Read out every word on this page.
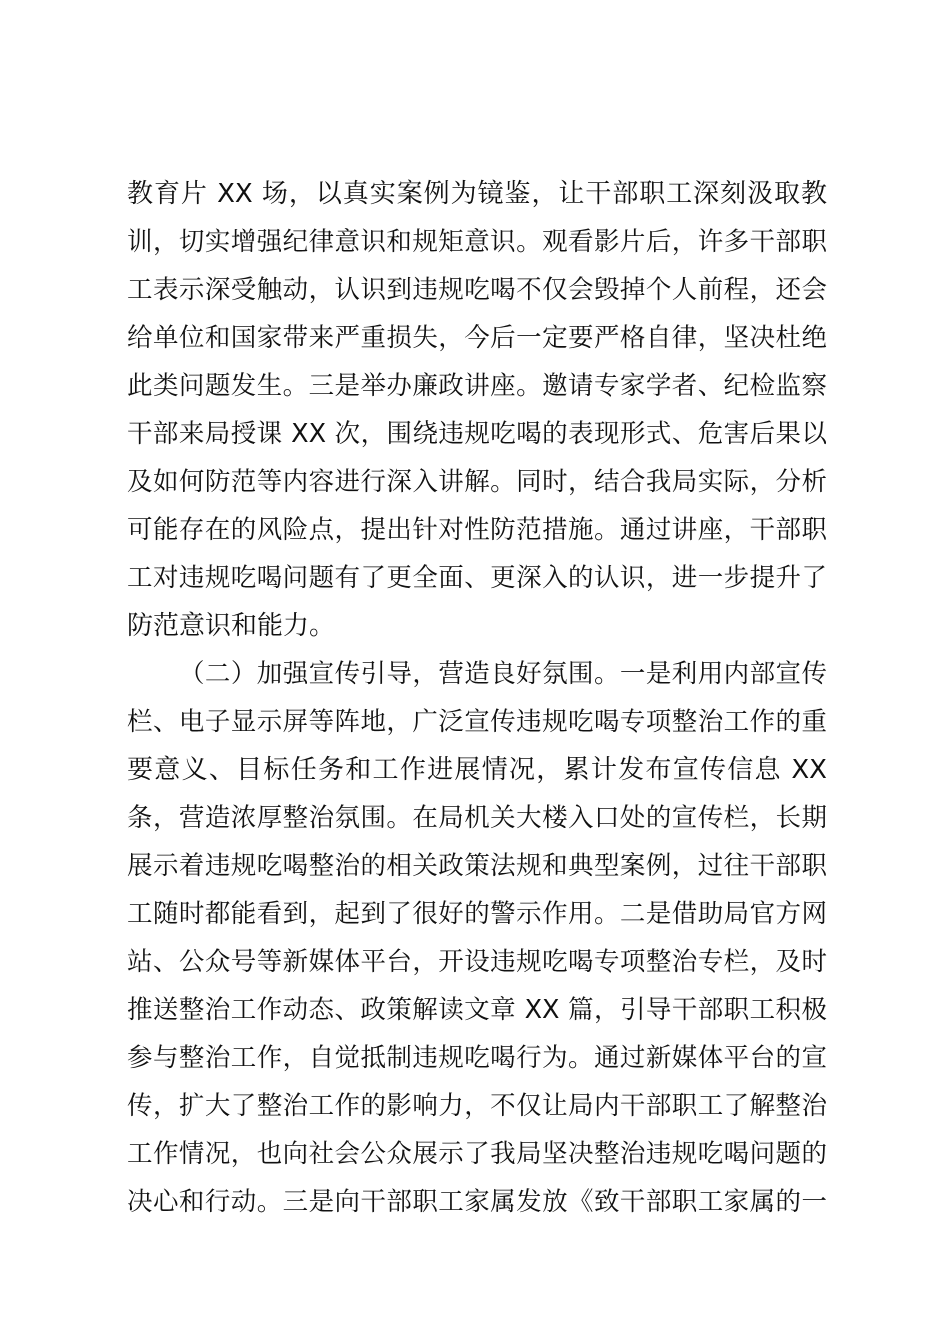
教育片 XX 场，以真实案例为镜鉴，让干部职工深刻汲取教
训，切实增强纪律意识和规矩意识。观看影片后，许多干部职
工表示深受触动，认识到违规吃喝不仅会毁掉个人前程，还会
给单位和国家带来严重损失，今后一定要严格自律，坚决杜绝
此类问题发生。三是举办廉政讲座。邀请专家学者、纪检监察
干部来局授课 XX 次，围绕违规吃喝的表现形式、危害后果以
及如何防范等内容进行深入讲解。同时，结合我局实际，分析
可能存在的风险点，提出针对性防范措施。通过讲座，干部职
工对违规吃喝问题有了更全面、更深入的认识，进一步提升了
防范意识和能力。
（二）加强宣传引导，营造良好氛围。一是利用内部宣传
栏、电子显示屏等阵地，广泛宣传违规吃喝专项整治工作的重
要意义、目标任务和工作进展情况，累计发布宣传信息 XX
条，营造浓厚整治氛围。在局机关大楼入口处的宣传栏，长期
展示着违规吃喝整治的相关政策法规和典型案例，过往干部职
工随时都能看到，起到了很好的警示作用。二是借助局官方网
站、公众号等新媒体平台，开设违规吃喝专项整治专栏，及时
推送整治工作动态、政策解读文章 XX 篇，引导干部职工积极
参与整治工作，自觉抵制违规吃喝行为。通过新媒体平台的宣
传，扩大了整治工作的影响力，不仅让局内干部职工了解整治
工作情况，也向社会公众展示了我局坚决整治违规吃喝问题的
决心和行动。三是向干部职工家属发放《致干部职工家属的一
